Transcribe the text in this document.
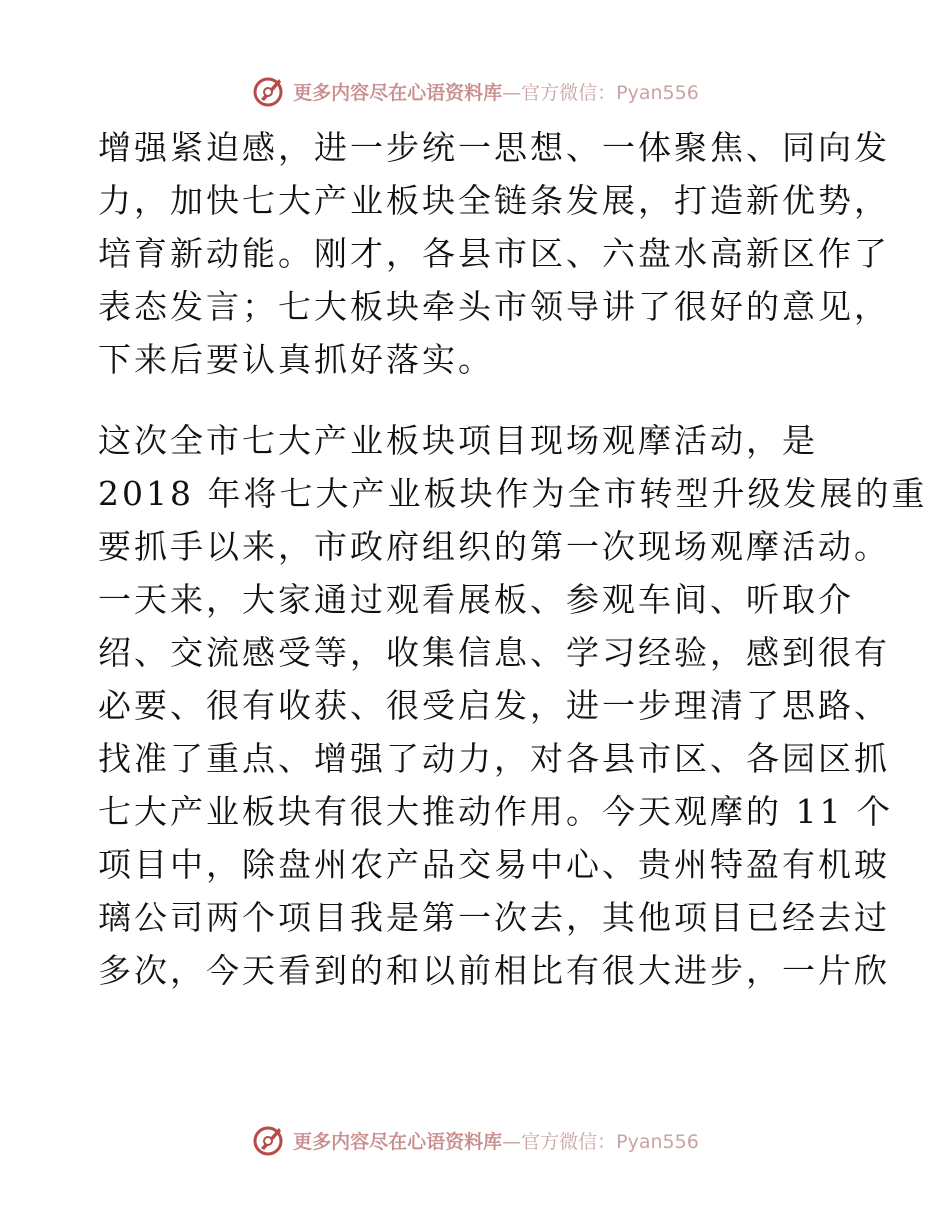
更多内容尽在心语资料库—官方微信：Pyan556
增强紧迫感，进一步统一思想、一体聚焦、同向发
力，加快七大产业板块全链条发展，打造新优势，
培育新动能。刚才，各县市区、六盘水高新区作了
表态发言；七大板块牵头市领导讲了很好的意见，
下来后要认真抓好落实。
这次全市七大产业板块项目现场观摩活动，是
2018 年将七大产业板块作为全市转型升级发展的重
要抓手以来，市政府组织的第一次现场观摩活动。
一天来，大家通过观看展板、参观车间、听取介
绍、交流感受等，收集信息、学习经验，感到很有
必要、很有收获、很受启发，进一步理清了思路、
找准了重点、增强了动力，对各县市区、各园区抓
七大产业板块有很大推动作用。今天观摩的 11 个
项目中，除盘州农产品交易中心、贵州特盈有机玻
璃公司两个项目我是第一次去，其他项目已经去过
多次，今天看到的和以前相比有很大进步，一片欣
更多内容尽在心语资料库—官方微信：Pyan556
